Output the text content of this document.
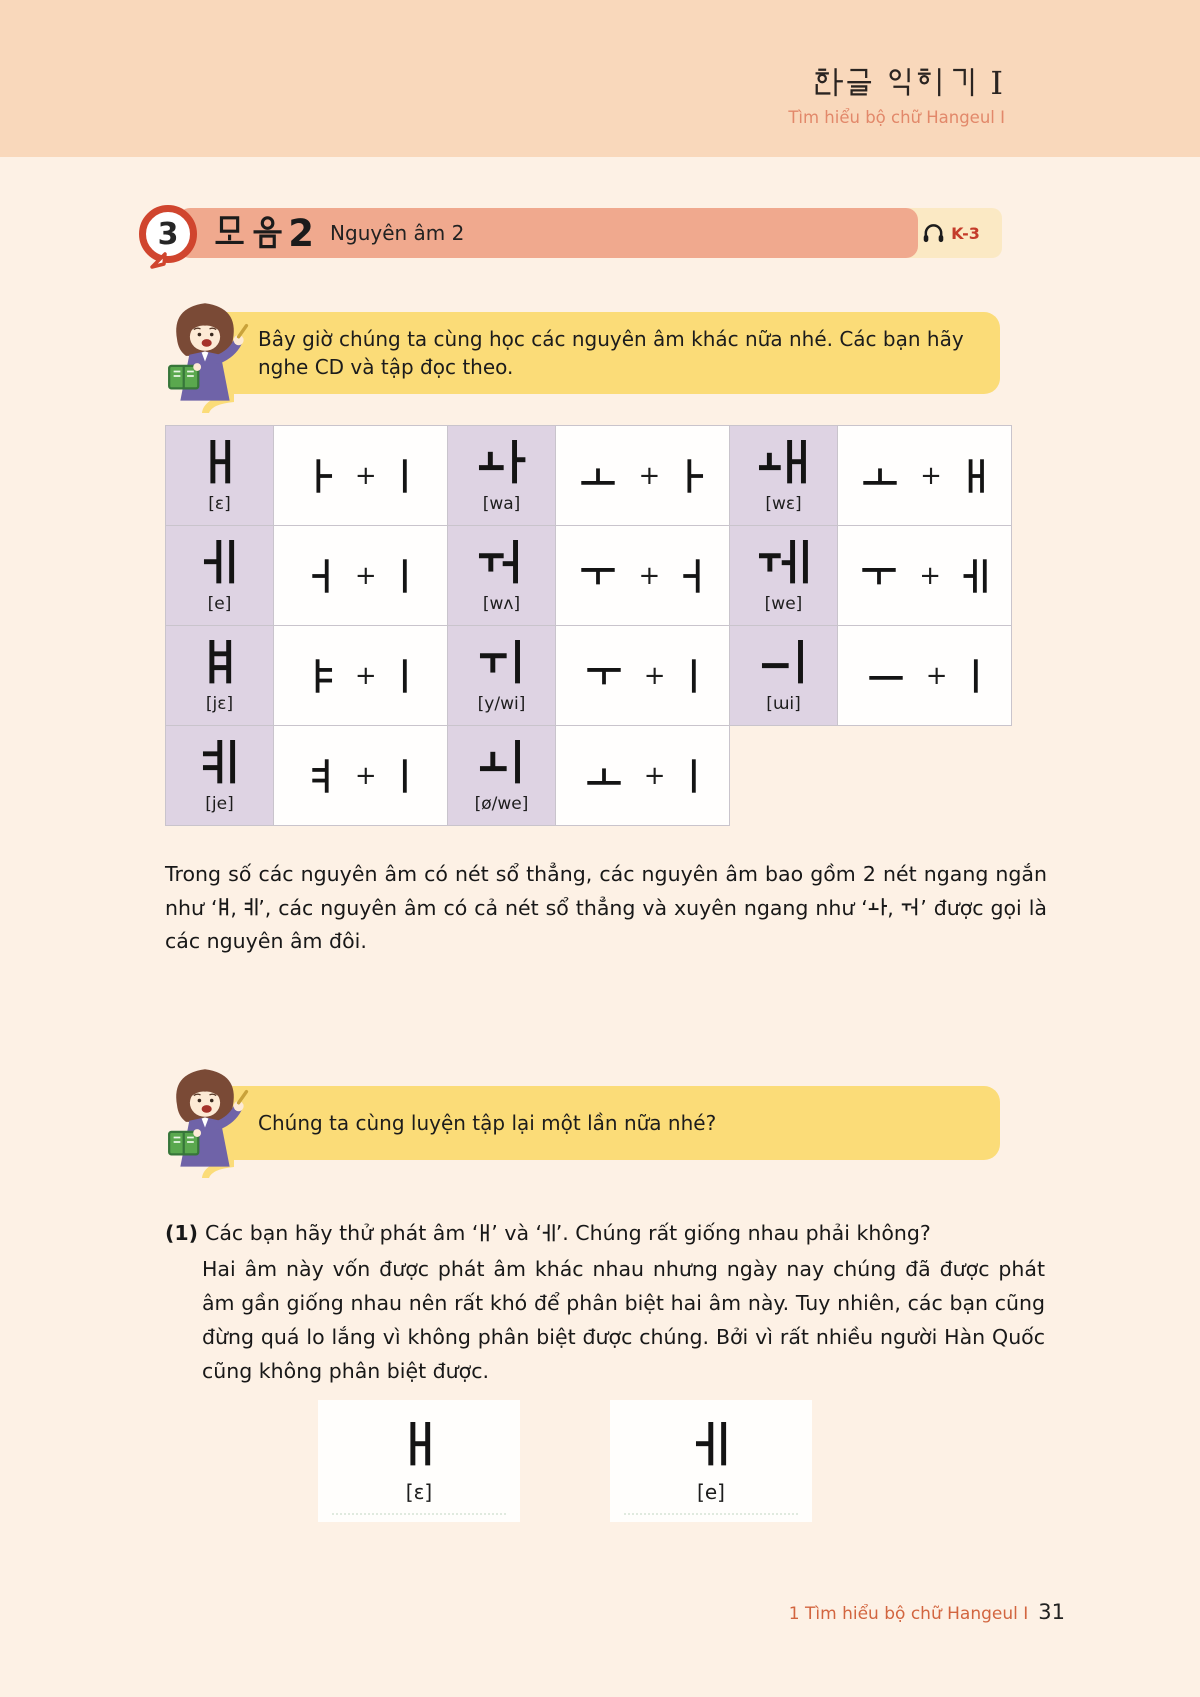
I
Tìm hiểu bộ chữ Hangeul I
K-3
2 Nguyên âm 2
3
Bây giờ chúng ta cùng học các nguyên âm khác nữa nhé. Các bạn hãy nghe CD và tập đọc theo.
[ɛ]
+
[wa]
+
[wɛ]
+
[e]
+
[wʌ]
+
[we]
+
[jɛ]
+
[y/wi]
+
[ɯi]
+
[je]
+
[ø/we]
+

Trong số các nguyên âm có nét sổ thẳng, các nguyên âm bao gồm 2 nét ngang ngắn như ‘ , ’, các nguyên âm có cả nét sổ thẳng và xuyên ngang như ‘ , ’ được gọi là các nguyên âm đôi.

Chúng ta cùng luyện tập lại một lần nữa nhé?
(1) Các bạn hãy thử phát âm ‘ ’ và ‘ ’. Chúng rất giống nhau phải không?
Hai âm này vốn được phát âm khác nhau nhưng ngày nay chúng đã được phát âm gần giống nhau nên rất khó để phân biệt hai âm này. Tuy nhiên, các bạn cũng đừng quá lo lắng vì không phân biệt được chúng. Bởi vì rất nhiều người Hàn Quốc cũng không phân biệt được.
[ɛ]	[e]
1 Tìm hiểu bộ chữ Hangeul I 31
